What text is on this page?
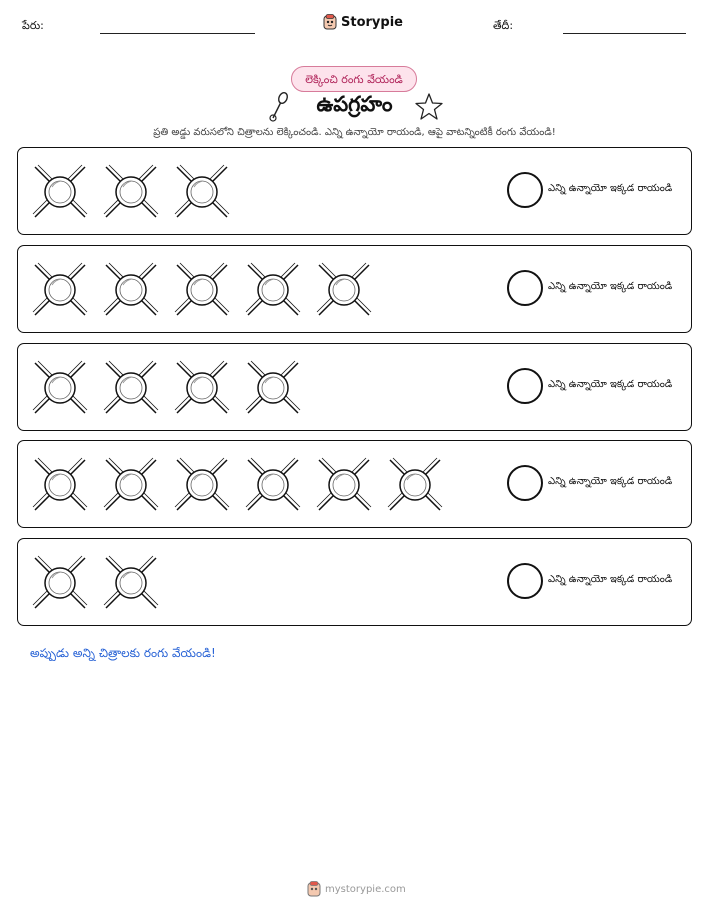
పేరు:	Storypie	తేదీ:
లెక్కించి రంగు వేయండి
ఉపగ్రహం
ప్రతి అడ్డు వరుసలోని చిత్రాలను లెక్కించండి. ఎన్ని ఉన్నాయో రాయండి, ఆపై వాటన్నింటికీ రంగు వేయండి!
ఎన్ని ఉన్నాయో ఇక్కడ రాయండి
ఎన్ని ఉన్నాయో ఇక్కడ రాయండి
ఎన్ని ఉన్నాయో ఇక్కడ రాయండి
ఎన్ని ఉన్నాయో ఇక్కడ రాయండి
ఎన్ని ఉన్నాయో ఇక్కడ రాయండి
అప్పుడు అన్ని చిత్రాలకు రంగు వేయండి!
mystorypie.com
